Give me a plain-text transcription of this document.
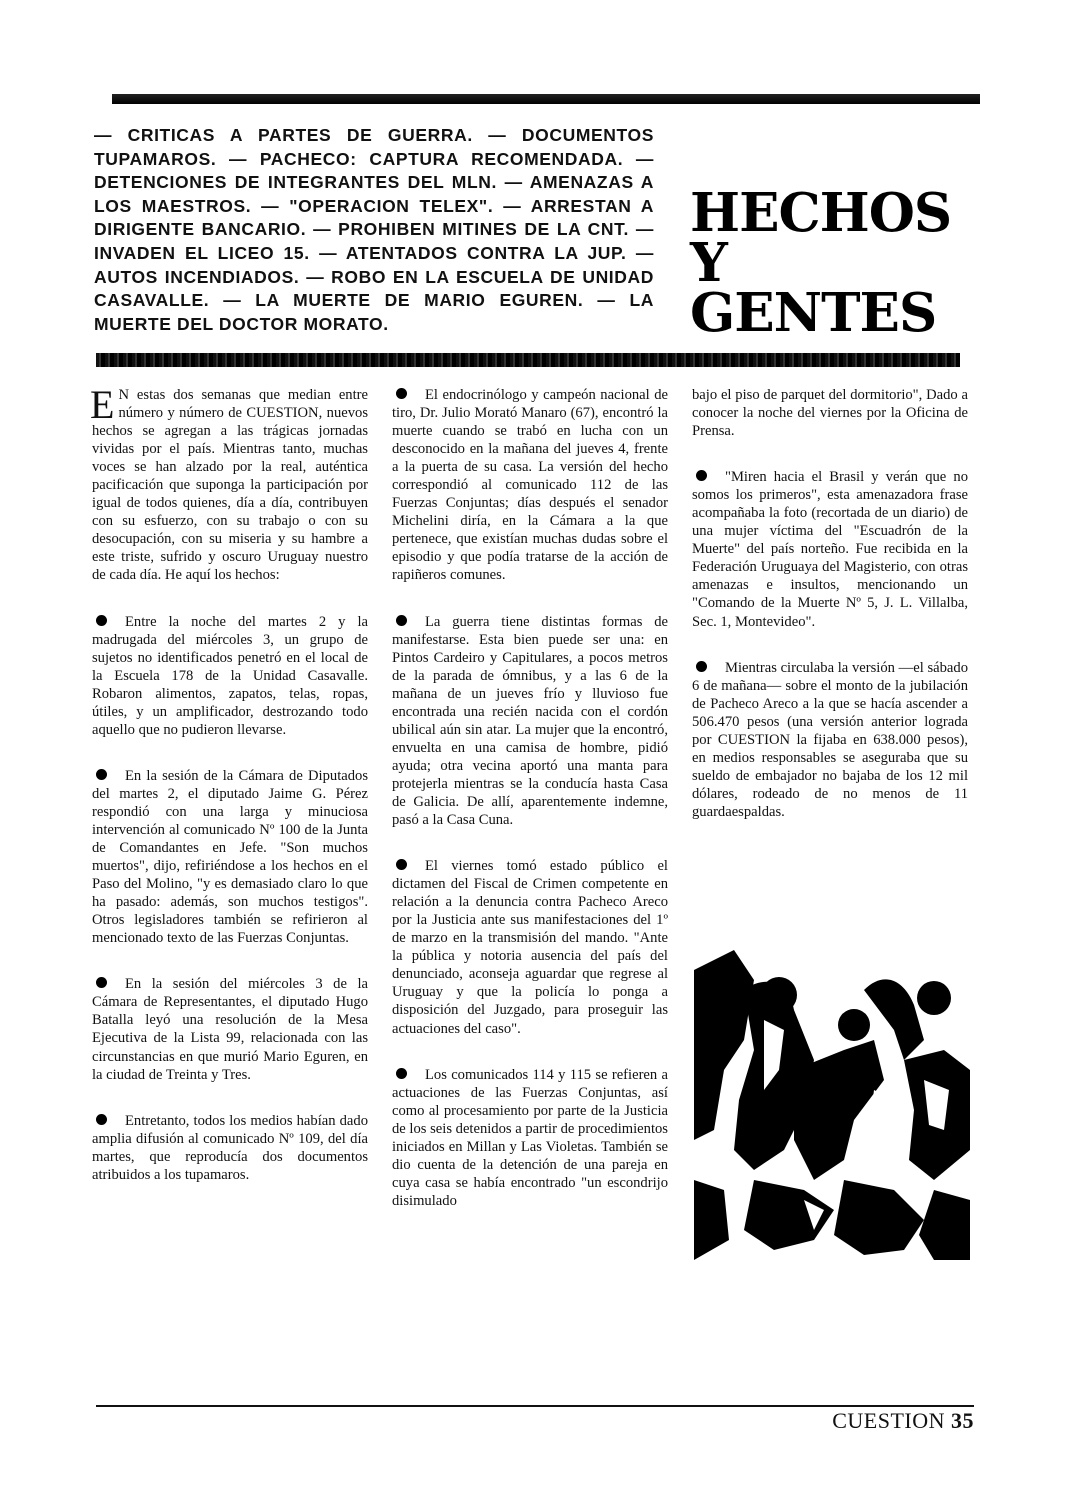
— CRITICAS A PARTES DE GUERRA. — DOCUMENTOS TUPAMAROS. — PACHECO: CAPTURA RECOMENDADA. — DETENCIONES DE INTEGRANTES DEL MLN. — AMENAZAS A LOS MAESTROS. — "OPERACION TELEX". — ARRESTAN A DIRIGENTE BANCARIO. — PROHIBEN MITINES DE LA CNT. — INVADEN EL LICEO 15. — ATENTADOS CONTRA LA JUP. — AUTOS INCENDIADOS. — ROBO EN LA ESCUELA DE UNIDAD CASAVALLE. — LA MUERTE DE MARIO EGUREN. — LA MUERTE DEL DOCTOR MORATO.

HECHOS
Y GENTES

E N estas dos semanas que median entre número y número de CUESTION, nuevos hechos se agregan a las trágicas jornadas vividas por el país. Mientras tanto, muchas voces se han alzado por la real, auténtica pacificación que suponga la participación por igual de todos quienes, día a día, contribuyen con su esfuerzo, con su trabajo o con su desocupación, con su miseria y su hambre a este triste, sufrido y oscuro Uruguay nuestro de cada día. He aquí los hechos:

Entre la noche del martes 2 y la madrugada del miércoles 3, un grupo de sujetos no identificados penetró en el local de la Escuela 178 de la Unidad Casavalle. Robaron alimentos, zapatos, telas, ropas, útiles, y un amplificador, destrozando todo aquello que no pudieron llevarse.

En la sesión de la Cámara de Diputados del martes 2, el diputado Jaime G. Pérez respondió con una larga y minuciosa intervención al comunicado Nº 100 de la Junta de Comandantes en Jefe. "Son muchos muertos", dijo, refiriéndose a los hechos en el Paso del Molino, "y es demasiado claro lo que ha pasado: además, son muchos testigos". Otros legisladores también se refirieron al mencionado texto de las Fuerzas Conjuntas.

En la sesión del miércoles 3 de la Cámara de Representantes, el diputado Hugo Batalla leyó una resolución de la Mesa Ejecutiva de la Lista 99, relacionada con las circunstancias en que murió Mario Eguren, en la ciudad de Treinta y Tres.

Entretanto, todos los medios habían dado amplia difusión al comunicado Nº 109, del día martes, que reproducía dos documentos atribuidos a los tupamaros.

El endocrinólogo y campeón nacional de tiro, Dr. Julio Morató Manaro (67), encontró la muerte cuando se trabó en lucha con un desconocido en la mañana del jueves 4, frente a la puerta de su casa. La versión del hecho correspondió al comunicado 112 de las Fuerzas Conjuntas; días después el senador Michelini diría, en la Cámara a la que pertenece, que existían muchas dudas sobre el episodio y que podía tratarse de la acción de rapiñeros comunes.

La guerra tiene distintas formas de manifestarse. Esta bien puede ser una: en Pintos Cardeiro y Capitulares, a pocos metros de la parada de ómnibus, y a las 6 de la mañana de un jueves frío y lluvioso fue encontrada una recién nacida con el cordón ubilical aún sin atar. La mujer que la encontró, envuelta en una camisa de hombre, pidió ayuda; otra vecina aportó una manta para protejerla mientras se la conducía hasta Casa de Galicia. De allí, aparentemente indemne, pasó a la Casa Cuna.

El viernes tomó estado público el dictamen del Fiscal de Crimen competente en relación a la denuncia contra Pacheco Areco por la Justicia ante sus manifestaciones del 1º de marzo en la transmisión del mando. "Ante la pública y notoria ausencia del país del denunciado, aconseja aguardar que regrese al Uruguay y que la policía lo ponga a disposición del Juzgado, para proseguir las actuaciones del caso".

Los comunicados 114 y 115 se refieren a actuaciones de las Fuerzas Conjuntas, así como al procesamiento por parte de la Justicia de los seis detenidos a partir de procedimientos iniciados en Millan y Las Violetas. También se dio cuenta de la detención de una pareja en cuya casa se había encontrado "un escondrijo disimulado

bajo el piso de parquet del dormitorio", Dado a conocer la noche del viernes por la Oficina de Prensa.

"Miren hacia el Brasil y verán que no somos los primeros", esta amenazadora frase acompañaba la foto (recortada de un diario) de una mujer víctima del "Escuadrón de la Muerte" del país norteño. Fue recibida en la Federación Uruguaya del Magisterio, con otras amenazas e insultos, mencionando un "Comando de la Muerte Nº 5, J. L. Villalba, Sec. 1, Montevideo".

Mientras circulaba la versión —el sábado 6 de mañana— sobre el monto de la jubilación de Pacheco Areco a la que se hacía ascender a 506.470 pesos (una versión anterior lograda por CUESTION la fijaba en 638.000 pesos), en medios responsables se aseguraba que su sueldo de embajador no bajaba de los 12 mil dólares, rodeado de no menos de 11 guardaespaldas.

CUESTION 35
